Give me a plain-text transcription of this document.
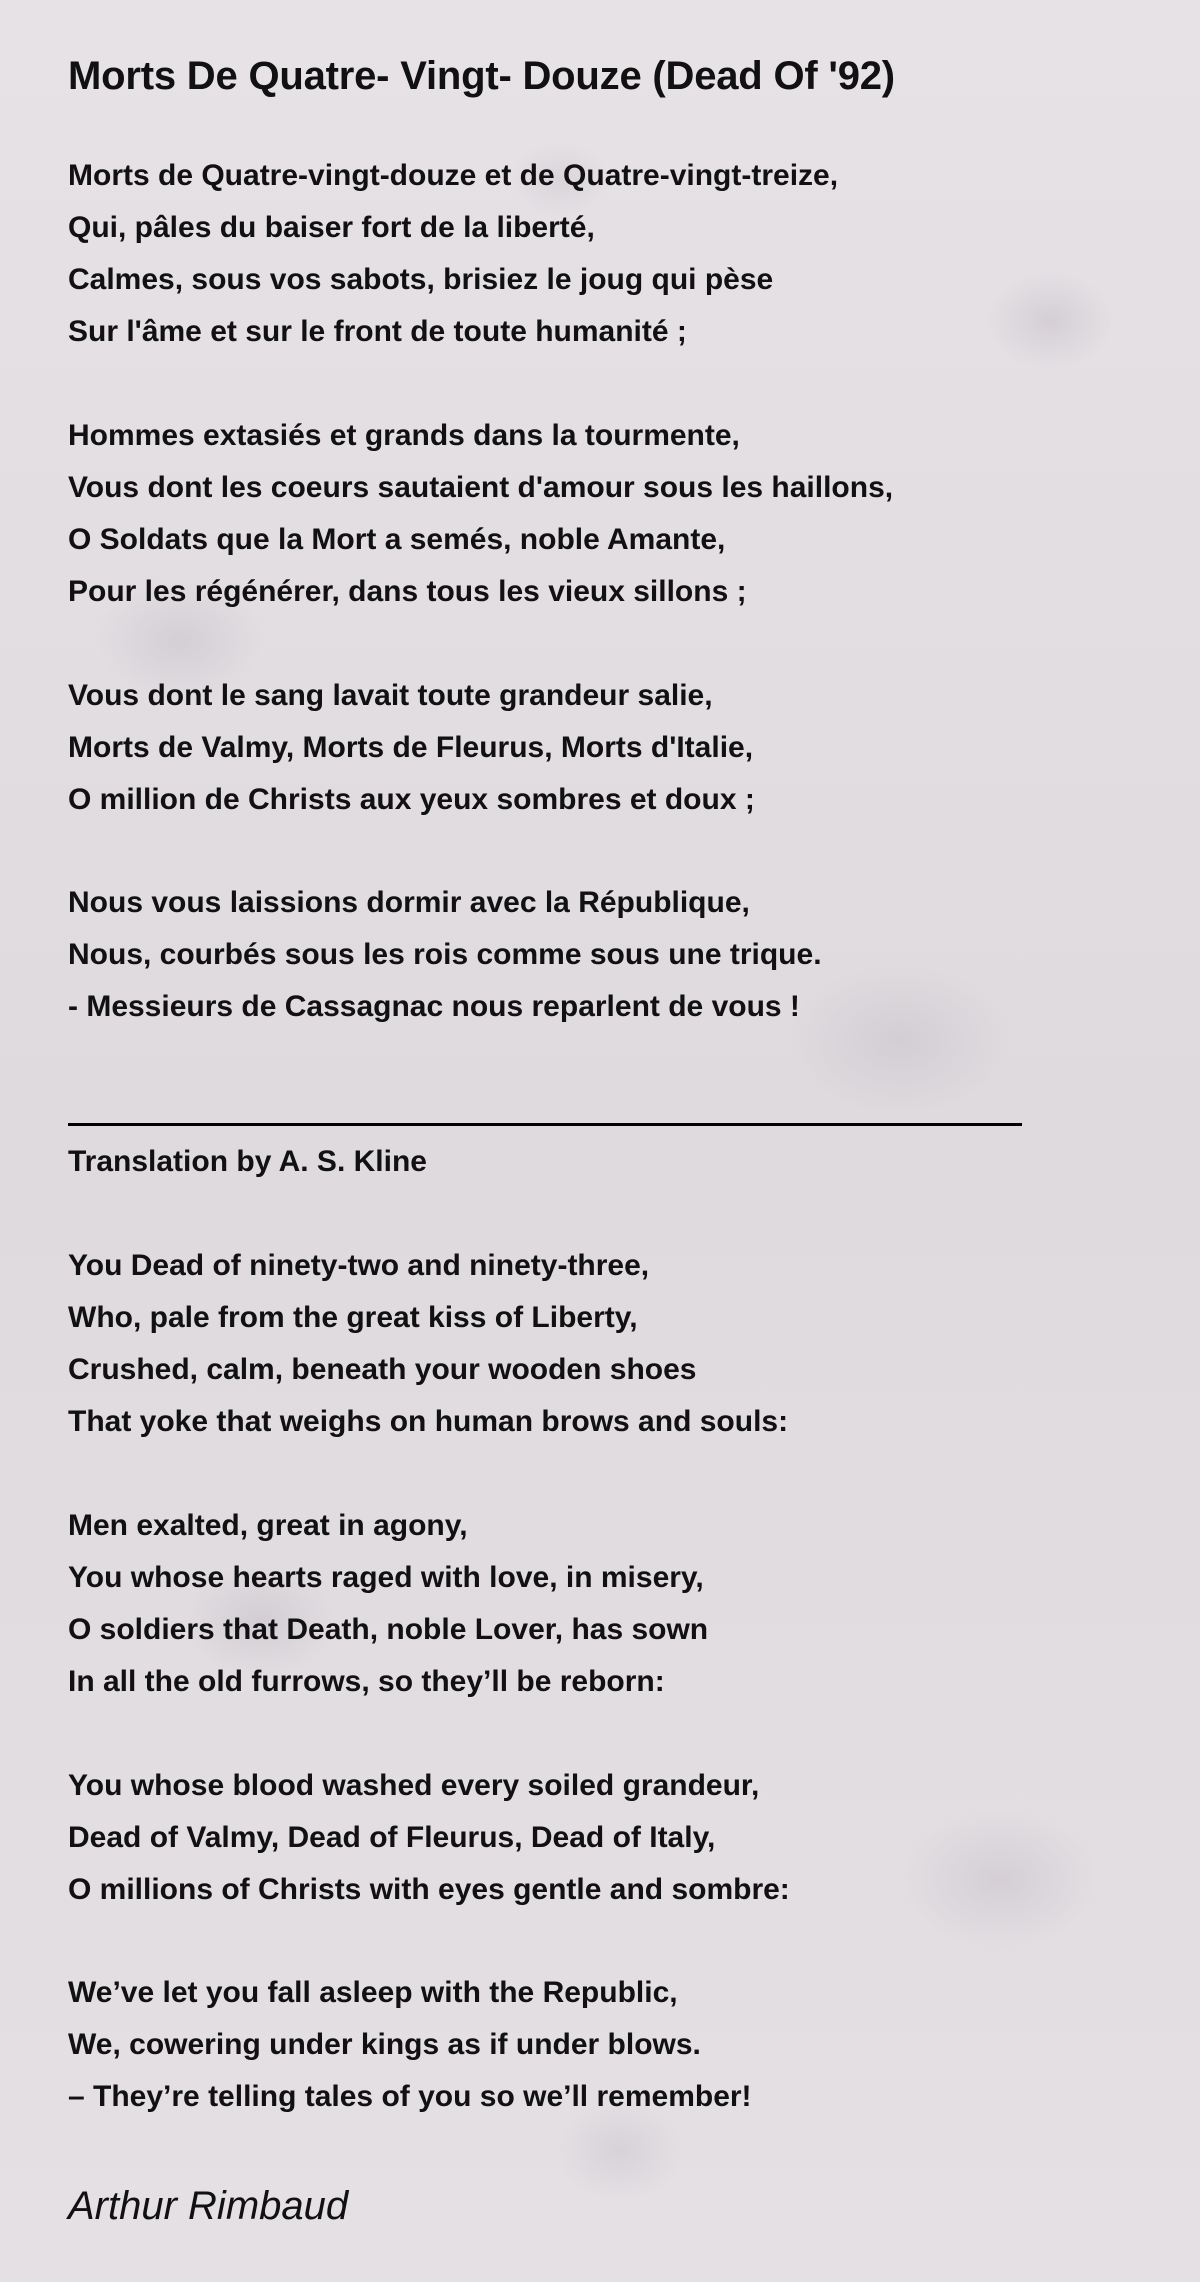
Morts De Quatre- Vingt- Douze (Dead Of '92)
Morts de Quatre-vingt-douze et de Quatre-vingt-treize,
Qui, pâles du baiser fort de la liberté,
Calmes, sous vos sabots, brisiez le joug qui pèse
Sur l'âme et sur le front de toute humanité ;
Hommes extasiés et grands dans la tourmente,
Vous dont les coeurs sautaient d'amour sous les haillons,
O Soldats que la Mort a semés, noble Amante,
Pour les régénérer, dans tous les vieux sillons ;
Vous dont le sang lavait toute grandeur salie,
Morts de Valmy, Morts de Fleurus, Morts d'Italie,
O million de Christs aux yeux sombres et doux ;
Nous vous laissions dormir avec la République,
Nous, courbés sous les rois comme sous une trique.
- Messieurs de Cassagnac nous reparlent de vous !
Translation by A. S. Kline
You Dead of ninety-two and ninety-three,
Who, pale from the great kiss of Liberty,
Crushed, calm, beneath your wooden shoes
That yoke that weighs on human brows and souls:
Men exalted, great in agony,
You whose hearts raged with love, in misery,
O soldiers that Death, noble Lover, has sown
In all the old furrows, so they’ll be reborn:
You whose blood washed every soiled grandeur,
Dead of Valmy, Dead of Fleurus, Dead of Italy,
O millions of Christs with eyes gentle and sombre:
We’ve let you fall asleep with the Republic,
We, cowering under kings as if under blows.
– They’re telling tales of you so we’ll remember!
Arthur Rimbaud
